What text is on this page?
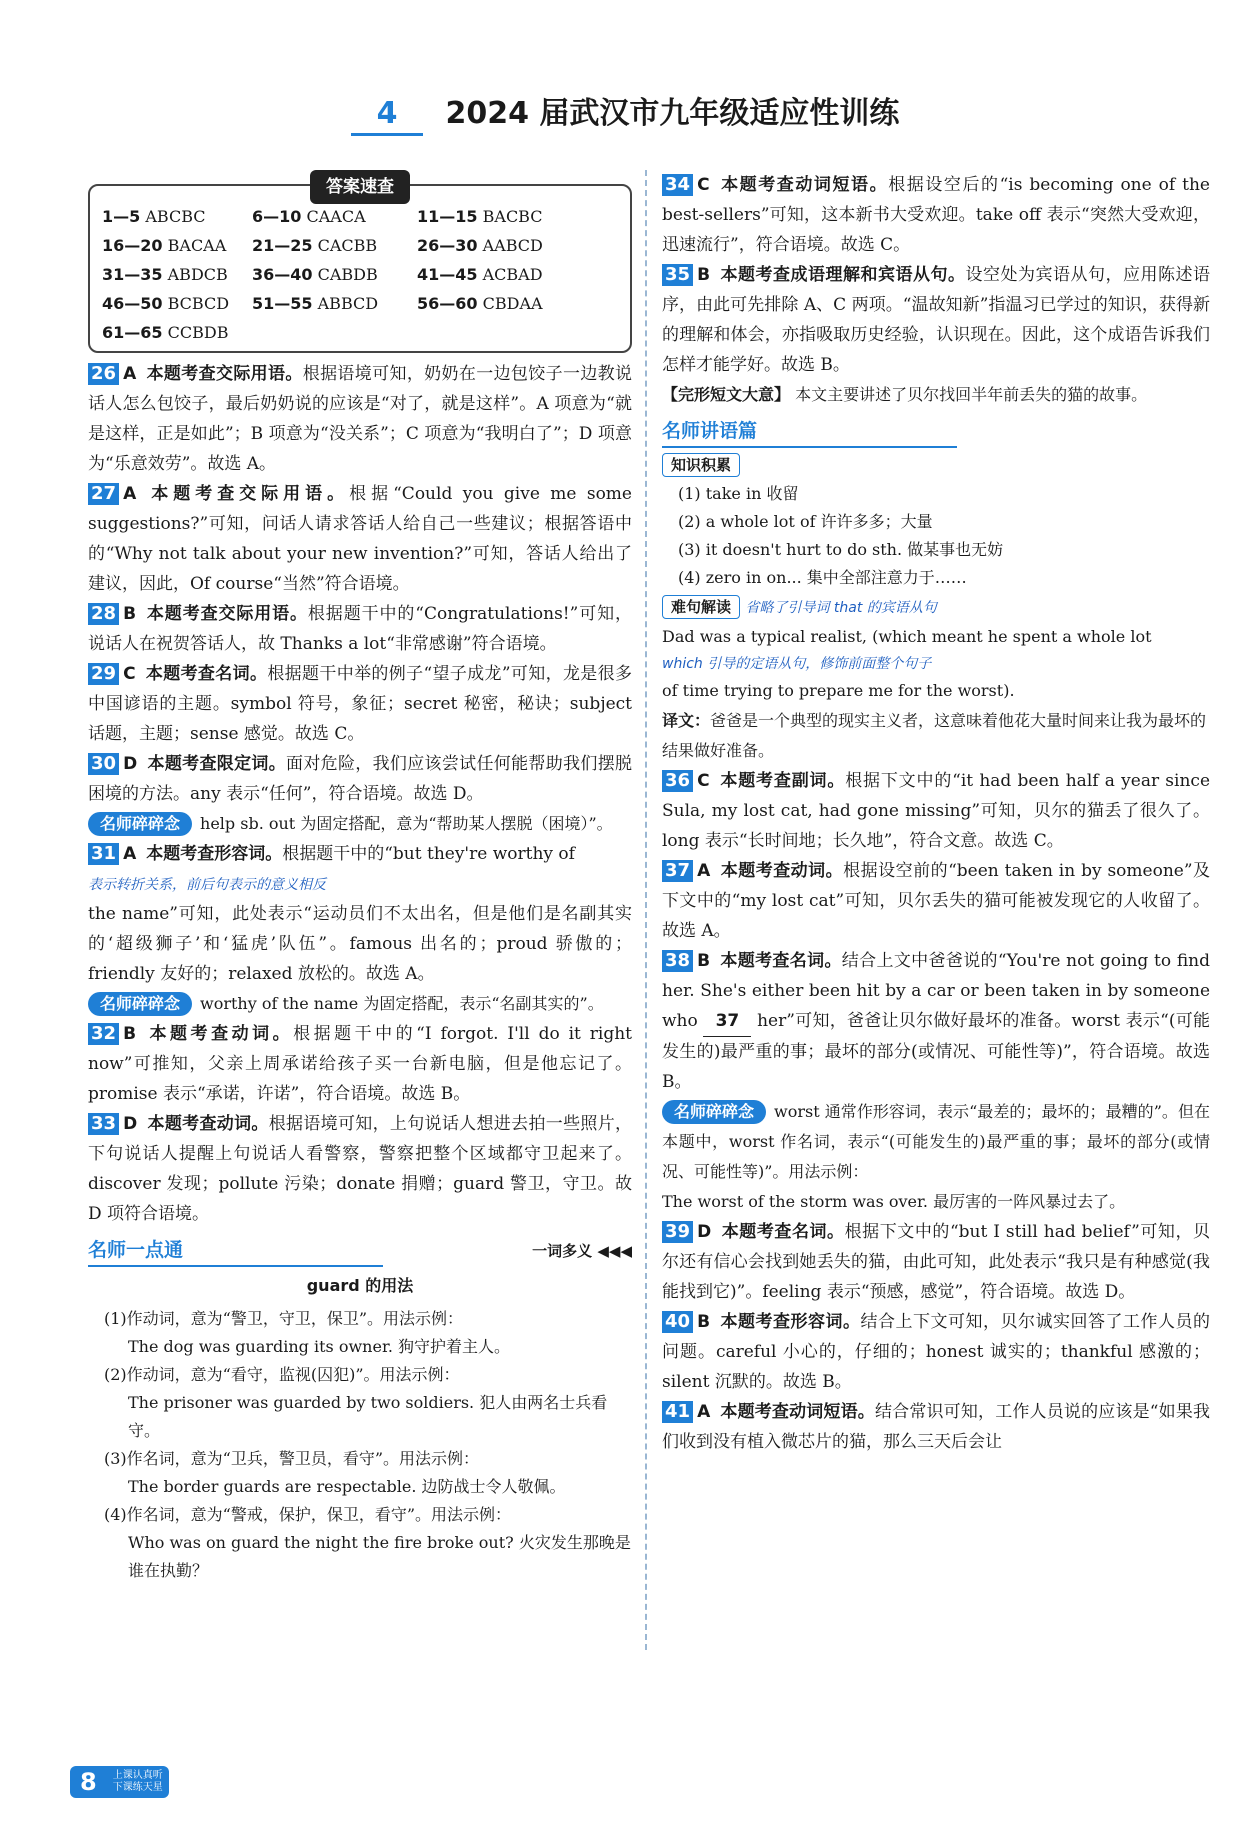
4 2024 届武汉市九年级适应性训练
答案速查
1—5 ABCBC	6—10 CAACA	11—15 BACBC
16—20 BACAA	21—25 CACBB	26—30 AABCD
31—35 ABDCB	36—40 CABDB	41—45 ACBAD
46—50 BCBCD	51—55 ABBCD	56—60 CBDAA
61—65 CCBDB

26 A 本题考查交际用语。根据语境可知，奶奶在一边包饺子一边教说话人怎么包饺子，最后奶奶说的应该是“对了，就是这样”。A 项意为“就是这样，正是如此”；B 项意为“没关系”；C 项意为“我明白了”；D 项意为“乐意效劳”。故选 A。

27 A 本题考查交际用语。根据“Could you give me some suggestions?”可知，问话人请求答话人给自己一些建议；根据答语中的“Why not talk about your new invention?”可知，答话人给出了建议，因此，Of course“当然”符合语境。

28 B 本题考查交际用语。根据题干中的“Congratulations!”可知，说话人在祝贺答话人，故 Thanks a lot“非常感谢”符合语境。

29 C 本题考查名词。根据题干中举的例子“望子成龙”可知，龙是很多中国谚语的主题。symbol 符号，象征；secret 秘密，秘诀；subject 话题，主题；sense 感觉。故选 C。

30 D 本题考查限定词。面对危险，我们应该尝试任何能帮助我们摆脱困境的方法。any 表示“任何”，符合语境。故选 D。

名师碎碎念 help sb. out 为固定搭配，意为“帮助某人摆脱（困境）”。

31 A 本题考查形容词。根据题干中的“but they're worthy of
表示转折关系，前后句表示的意义相反
the name”可知，此处表示“运动员们不太出名，但是他们是名副其实的‘超级狮子’和‘猛虎’队伍”。famous 出名的；proud 骄傲的；friendly 友好的；relaxed 放松的。故选 A。

名师碎碎念 worthy of the name 为固定搭配，表示“名副其实的”。

32 B 本题考查动词。根据题干中的“I forgot. I'll do it right now”可推知，父亲上周承诺给孩子买一台新电脑，但是他忘记了。promise 表示“承诺，许诺”，符合语境。故选 B。

33 D 本题考查动词。根据语境可知，上句说话人想进去拍一些照片，下句说话人提醒上句说话人看警察，警察把整个区域都守卫起来了。discover 发现；pollute 污染；donate 捐赠；guard 警卫，守卫。故 D 项符合语境。

名师一点通	一词多义 ◀◀◀
guard 的用法
(1)作动词，意为“警卫，守卫，保卫”。用法示例：
The dog was guarding its owner. 狗守护着主人。
(2)作动词，意为“看守，监视(囚犯)”。用法示例：
The prisoner was guarded by two soldiers. 犯人由两名士兵看守。
(3)作名词，意为“卫兵，警卫员，看守”。用法示例：
The border guards are respectable. 边防战士令人敬佩。
(4)作名词，意为“警戒，保护，保卫，看守”。用法示例：
Who was on guard the night the fire broke out? 火灾发生那晚是谁在执勤？

34 C 本题考查动词短语。根据设空后的“is becoming one of the best-sellers”可知，这本新书大受欢迎。take off 表示“突然大受欢迎，迅速流行”，符合语境。故选 C。

35 B 本题考查成语理解和宾语从句。设空处为宾语从句，应用陈述语序，由此可先排除 A、C 两项。“温故知新”指温习已学过的知识，获得新的理解和体会，亦指吸取历史经验，认识现在。因此，这个成语告诉我们怎样才能学好。故选 B。

【完形短文大意】 本文主要讲述了贝尔找回半年前丢失的猫的故事。

名师讲语篇
知识积累
(1) take in 收留
(2) a whole lot of 许许多多；大量
(3) it doesn't hurt to do sth. 做某事也无妨
(4) zero in on... 集中全部注意力于……
难句解读 省略了引导词 that 的宾语从句
Dad was a typical realist, (which meant he spent a whole lot
which 引导的定语从句，修饰前面整个句子
of time trying to prepare me for the worst).
译文：爸爸是一个典型的现实主义者，这意味着他花大量时间来让我为最坏的结果做好准备。

36 C 本题考查副词。根据下文中的“it had been half a year since Sula, my lost cat, had gone missing”可知，贝尔的猫丢了很久了。long 表示“长时间地；长久地”，符合文意。故选 C。

37 A 本题考查动词。根据设空前的“been taken in by someone”及下文中的“my lost cat”可知，贝尔丢失的猫可能被发现它的人收留了。故选 A。

38 B 本题考查名词。结合上文中爸爸说的“You're not going to find her. She's either been hit by a car or been taken in by someone who 37 her”可知，爸爸让贝尔做好最坏的准备。worst 表示“(可能发生的)最严重的事；最坏的部分(或情况、可能性等)”，符合语境。故选 B。

名师碎碎念 worst 通常作形容词，表示“最差的；最坏的；最糟的”。但在本题中，worst 作名词，表示“(可能发生的)最严重的事；最坏的部分(或情况、可能性等)”。用法示例：
The worst of the storm was over. 最厉害的一阵风暴过去了。

39 D 本题考查名词。根据下文中的“but I still had belief”可知，贝尔还有信心会找到她丢失的猫，由此可知，此处表示“我只是有种感觉(我能找到它)”。feeling 表示“预感，感觉”，符合语境。故选 D。

40 B 本题考查形容词。结合上下文可知，贝尔诚实回答了工作人员的问题。careful 小心的，仔细的；honest 诚实的；thankful 感激的；silent 沉默的。故选 B。

41 A 本题考查动词短语。结合常识可知，工作人员说的应该是“如果我们收到没有植入微芯片的猫，那么三天后会让

8	上课认真听
下课练天星
